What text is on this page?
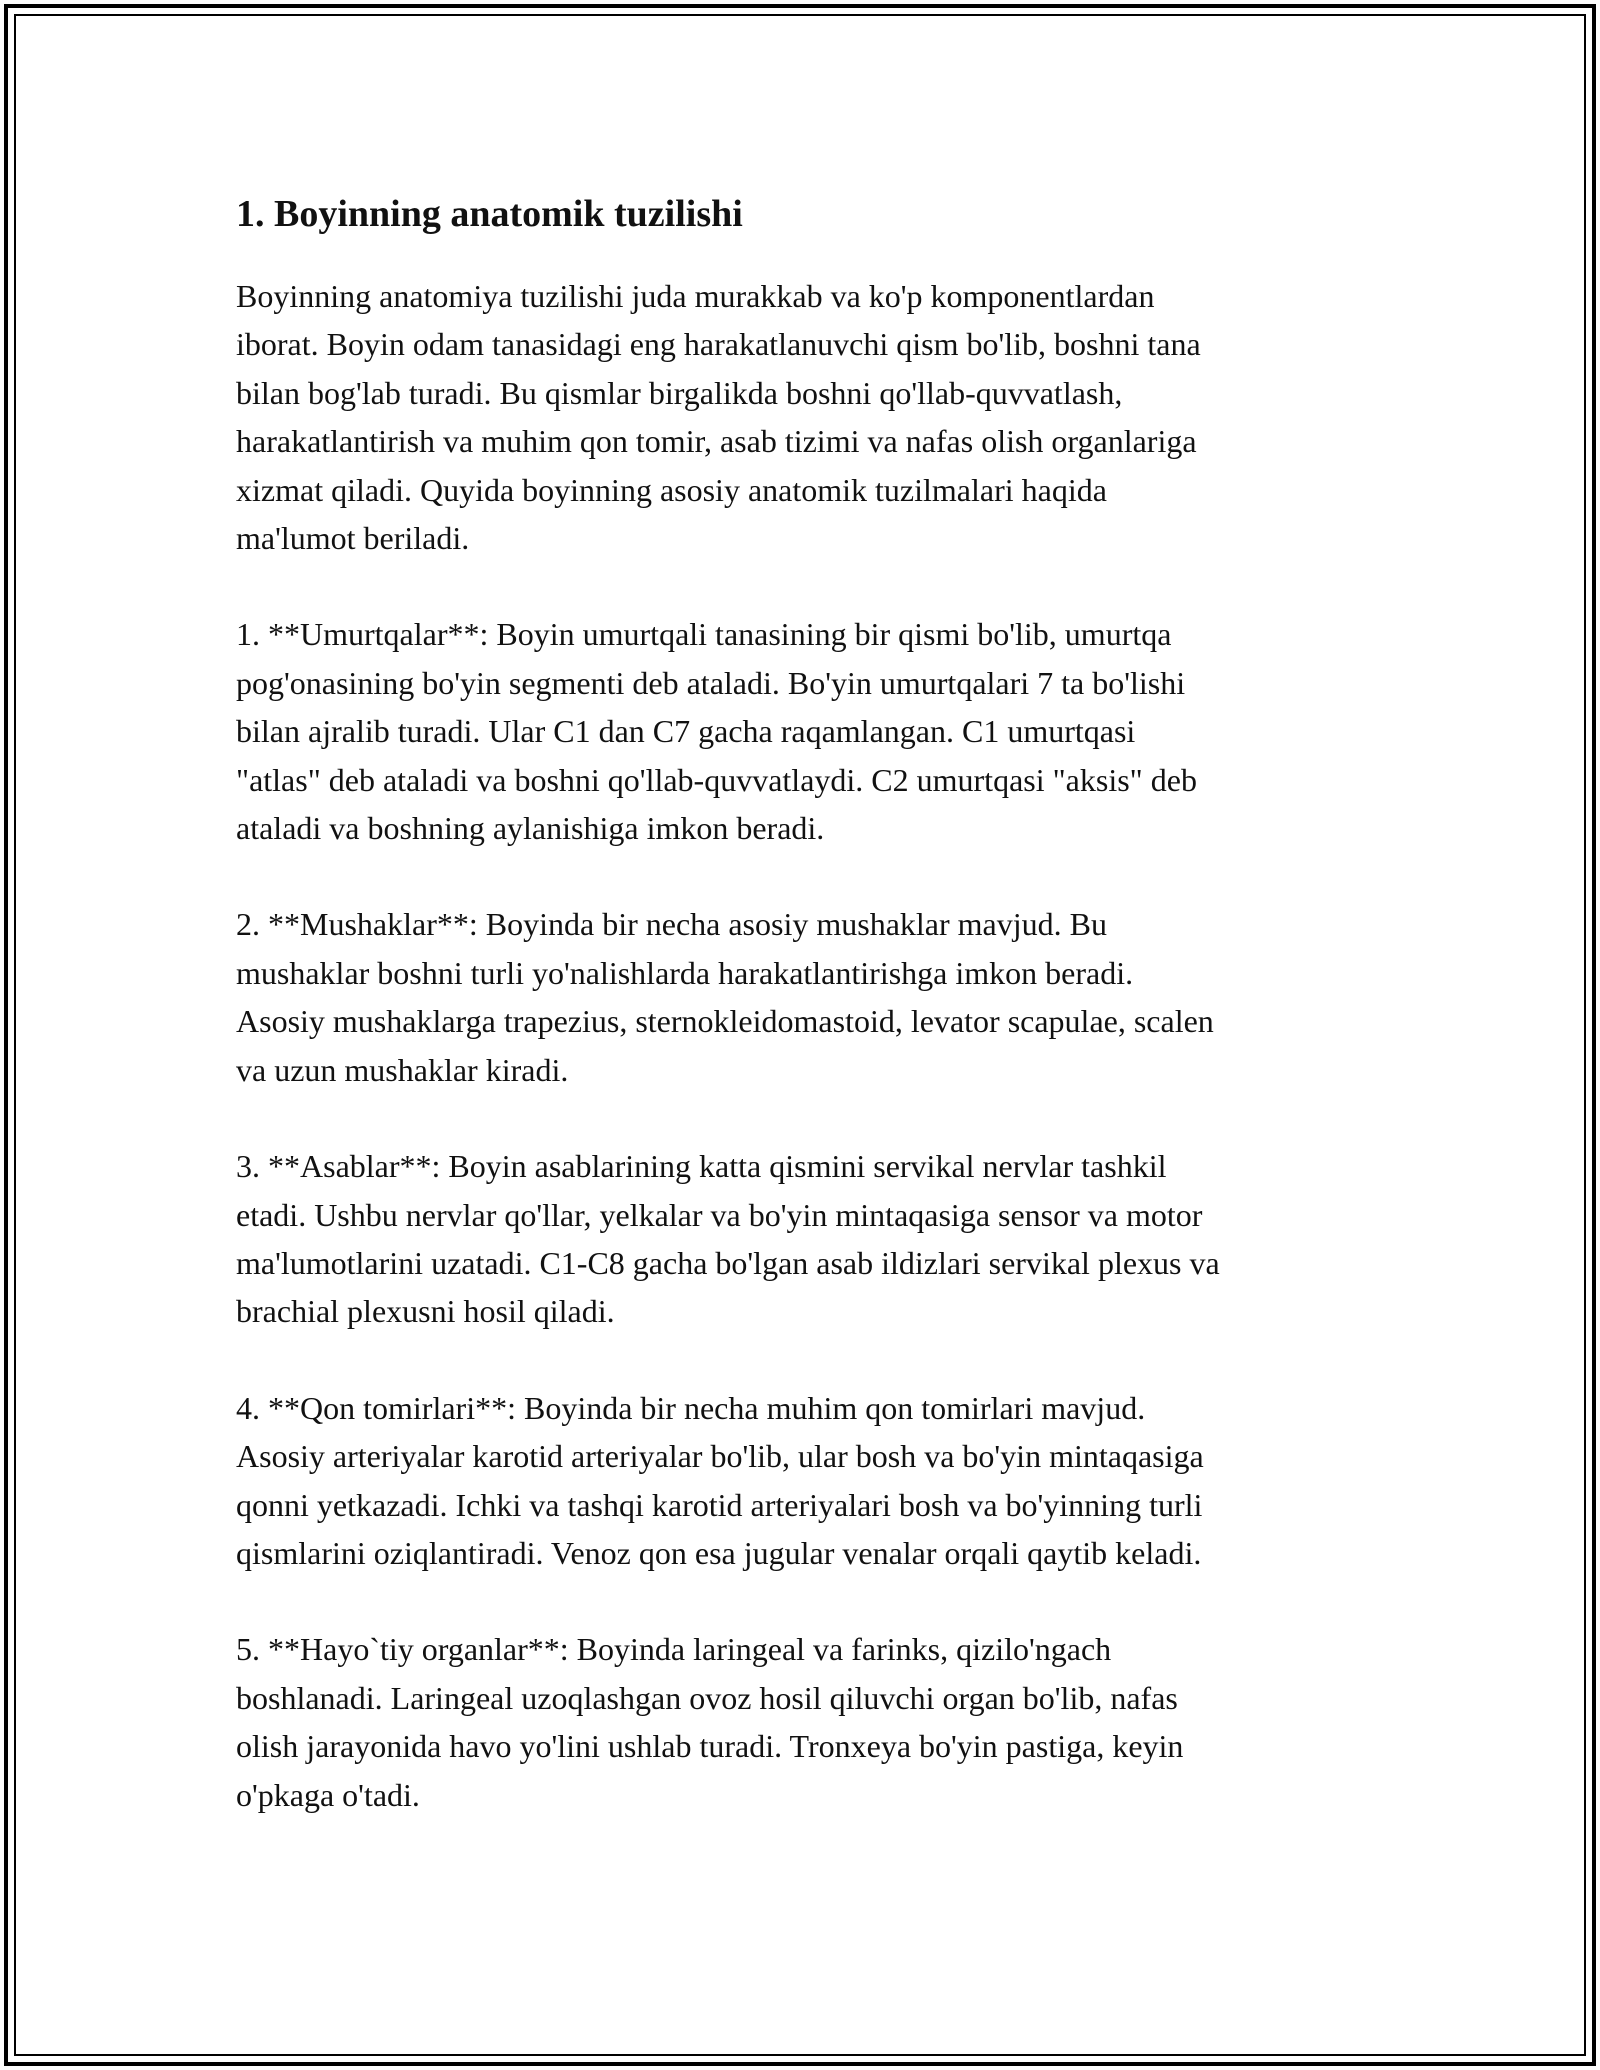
1. Boyinning anatomik tuzilishi

Boyinning anatomiya tuzilishi juda murakkab va ko'p komponentlardan
iborat. Boyin odam tanasidagi eng harakatlanuvchi qism bo'lib, boshni tana
bilan bog'lab turadi. Bu qismlar birgalikda boshni qo'llab-quvvatlash,
harakatlantirish va muhim qon tomir, asab tizimi va nafas olish organlariga
xizmat qiladi. Quyida boyinning asosiy anatomik tuzilmalari haqida
ma'lumot beriladi.

1. **Umurtqalar**: Boyin umurtqali tanasining bir qismi bo'lib, umurtqa
pog'onasining bo'yin segmenti deb ataladi. Bo'yin umurtqalari 7 ta bo'lishi
bilan ajralib turadi. Ular C1 dan C7 gacha raqamlangan. C1 umurtqasi
"atlas" deb ataladi va boshni qo'llab-quvvatlaydi. C2 umurtqasi "aksis" deb
ataladi va boshning aylanishiga imkon beradi.

2. **Mushaklar**: Boyinda bir necha asosiy mushaklar mavjud. Bu
mushaklar boshni turli yo'nalishlarda harakatlantirishga imkon beradi.
Asosiy mushaklarga trapezius, sternokleidomastoid, levator scapulae, scalen
va uzun mushaklar kiradi.

3. **Asablar**: Boyin asablarining katta qismini servikal nervlar tashkil
etadi. Ushbu nervlar qo'llar, yelkalar va bo'yin mintaqasiga sensor va motor
ma'lumotlarini uzatadi. C1-C8 gacha bo'lgan asab ildizlari servikal plexus va
brachial plexusni hosil qiladi.

4. **Qon tomirlari**: Boyinda bir necha muhim qon tomirlari mavjud.
Asosiy arteriyalar karotid arteriyalar bo'lib, ular bosh va bo'yin mintaqasiga
qonni yetkazadi. Ichki va tashqi karotid arteriyalari bosh va bo'yinning turli
qismlarini oziqlantiradi. Venoz qon esa jugular venalar orqali qaytib keladi.

5. **Hayo`tiy organlar**: Boyinda laringeal va farinks, qizilo'ngach
boshlanadi. Laringeal uzoqlashgan ovoz hosil qiluvchi organ bo'lib, nafas
olish jarayonida havo yo'lini ushlab turadi. Tronxeya bo'yin pastiga, keyin
o'pkaga o'tadi.
